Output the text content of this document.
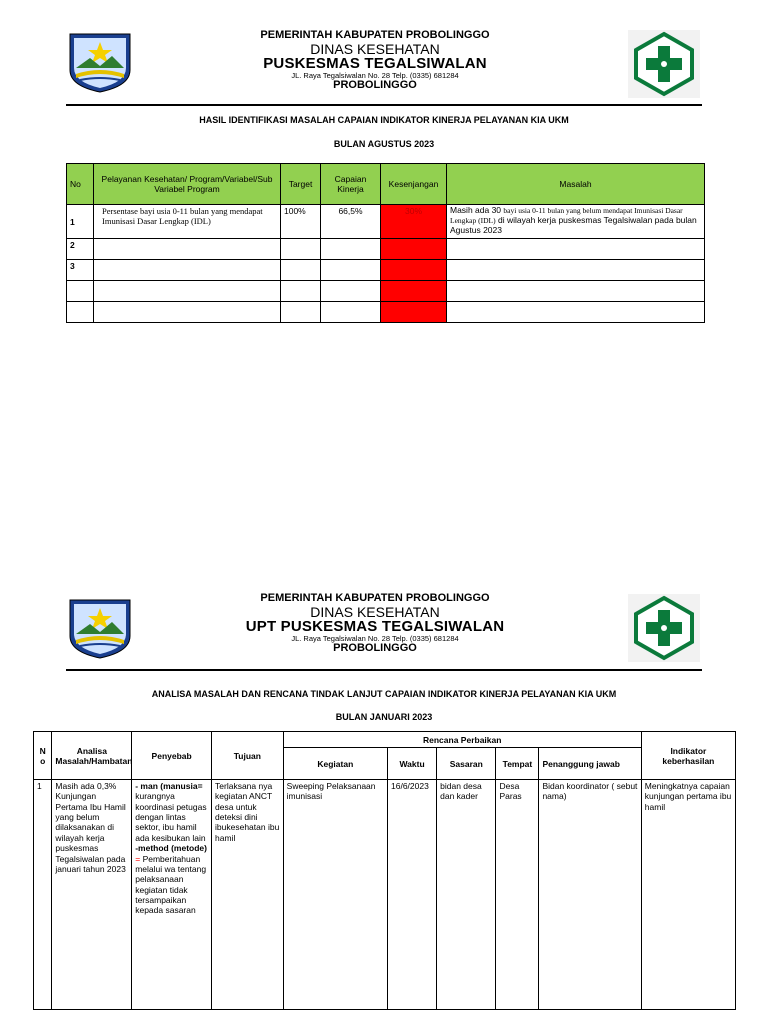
PEMERINTAH KABUPATEN PROBOLINGGO
DINAS KESEHATAN
PUSKESMAS TEGALSIWALAN
JL. Raya Tegalsiwalan No. 28 Telp. (0335) 681284
PROBOLINGGO
HASIL IDENTIFIKASI MASALAH CAPAIAN INDIKATOR KINERJA PELAYANAN KIA UKM
BULAN AGUSTUS 2023
No	Pelayanan Kesehatan/ Program/Variabel/Sub Variabel Program	Target	Capaian Kinerja	Kesenjangan	Masalah
1	Persentase bayi usia 0-11 bulan yang mendapat Imunisasi Dasar Lengkap (IDL)	100%	66,5%	30%	Masih ada 30 bayi usia 0-11 bulan yang belum mendapat Imunisasi Dasar Lengkap (IDL) di wilayah kerja puskesmas Tegalsiwalan pada bulan Agustus 2023
2					
3					

PEMERINTAH KABUPATEN PROBOLINGGO
DINAS KESEHATAN
UPT PUSKESMAS TEGALSIWALAN
JL. Raya Tegalsiwalan No. 28 Telp. (0335) 681284
PROBOLINGGO
ANALISA MASALAH DAN RENCANA TINDAK LANJUT CAPAIAN INDIKATOR KINERJA PELAYANAN KIA UKM
BULAN JANUARI 2023
N o	Analisa Masalah/Hambatan	Penyebab	Tujuan	Rencana Perbaikan					Indikator keberhasilan
				Kegiatan	Waktu	Sasaran	Tempat	Penanggung jawab	
1	Masih ada 0,3% Kunjungan Pertama Ibu Hamil yang belum dilaksanakan di wilayah kerja puskesmas Tegalsiwalan pada januari tahun 2023	- man (manusia= kurangnya koordinasi petugas dengan lintas sektor, ibu hamil ada kesibukan lain -method (metode) = Pemberitahuan melalui wa tentang pelaksanaan kegiatan tidak tersampaikan kepada sasaran	Terlaksana nya kegiatan ANCT desa untuk deteksi dini ibukesehatan ibu hamil	Sweeping Pelaksanaan imunisasi	16/6/2023	bidan desa dan kader	Desa Paras	Bidan koordinator ( sebut nama)	Meningkatnya capaian kunjungan pertama ibu hamil
